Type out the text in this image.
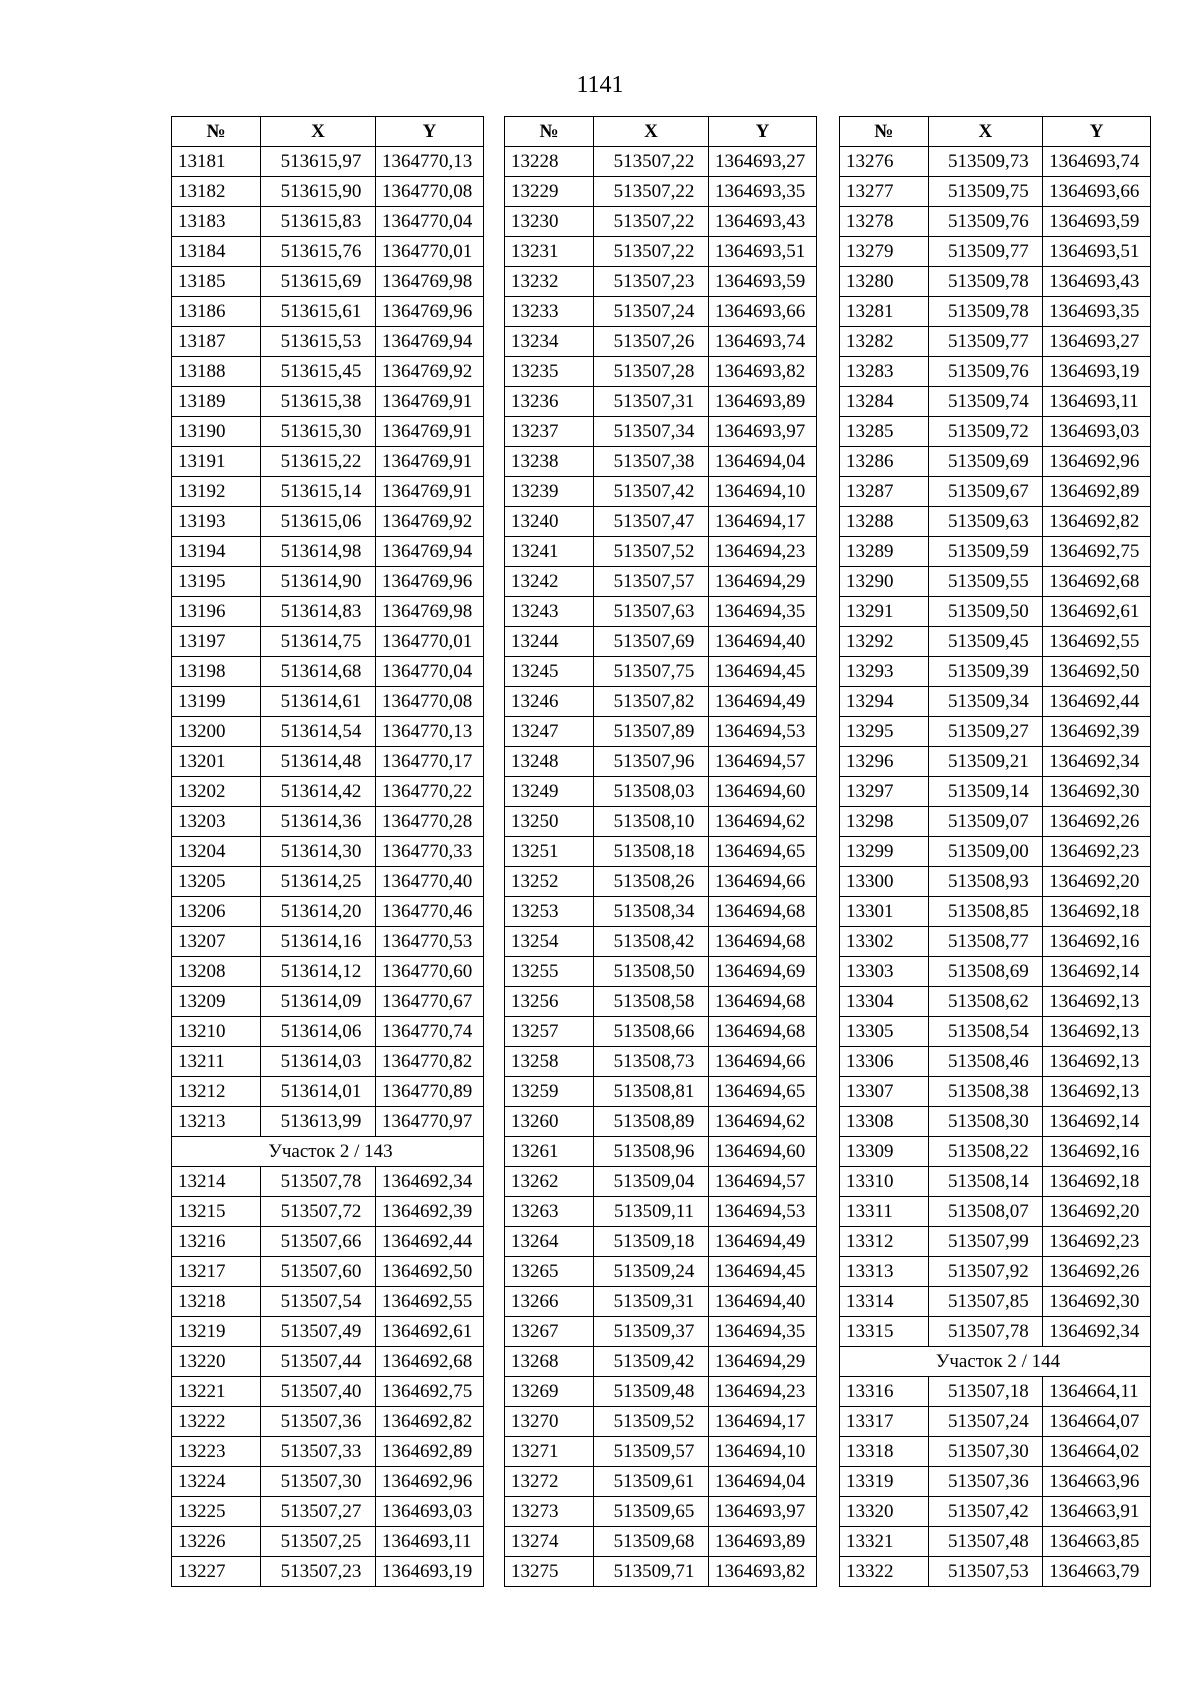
1141
№	X	Y
13181	513615,97	1364770,13
13182	513615,90	1364770,08
13183	513615,83	1364770,04
13184	513615,76	1364770,01
13185	513615,69	1364769,98
13186	513615,61	1364769,96
13187	513615,53	1364769,94
13188	513615,45	1364769,92
13189	513615,38	1364769,91
13190	513615,30	1364769,91
13191	513615,22	1364769,91
13192	513615,14	1364769,91
13193	513615,06	1364769,92
13194	513614,98	1364769,94
13195	513614,90	1364769,96
13196	513614,83	1364769,98
13197	513614,75	1364770,01
13198	513614,68	1364770,04
13199	513614,61	1364770,08
13200	513614,54	1364770,13
13201	513614,48	1364770,17
13202	513614,42	1364770,22
13203	513614,36	1364770,28
13204	513614,30	1364770,33
13205	513614,25	1364770,40
13206	513614,20	1364770,46
13207	513614,16	1364770,53
13208	513614,12	1364770,60
13209	513614,09	1364770,67
13210	513614,06	1364770,74
13211	513614,03	1364770,82
13212	513614,01	1364770,89
13213	513613,99	1364770,97
Участок 2 / 143		
13214	513507,78	1364692,34
13215	513507,72	1364692,39
13216	513507,66	1364692,44
13217	513507,60	1364692,50
13218	513507,54	1364692,55
13219	513507,49	1364692,61
13220	513507,44	1364692,68
13221	513507,40	1364692,75
13222	513507,36	1364692,82
13223	513507,33	1364692,89
13224	513507,30	1364692,96
13225	513507,27	1364693,03
13226	513507,25	1364693,11
13227	513507,23	1364693,19
№	X	Y
13228	513507,22	1364693,27
13229	513507,22	1364693,35
13230	513507,22	1364693,43
13231	513507,22	1364693,51
13232	513507,23	1364693,59
13233	513507,24	1364693,66
13234	513507,26	1364693,74
13235	513507,28	1364693,82
13236	513507,31	1364693,89
13237	513507,34	1364693,97
13238	513507,38	1364694,04
13239	513507,42	1364694,10
13240	513507,47	1364694,17
13241	513507,52	1364694,23
13242	513507,57	1364694,29
13243	513507,63	1364694,35
13244	513507,69	1364694,40
13245	513507,75	1364694,45
13246	513507,82	1364694,49
13247	513507,89	1364694,53
13248	513507,96	1364694,57
13249	513508,03	1364694,60
13250	513508,10	1364694,62
13251	513508,18	1364694,65
13252	513508,26	1364694,66
13253	513508,34	1364694,68
13254	513508,42	1364694,68
13255	513508,50	1364694,69
13256	513508,58	1364694,68
13257	513508,66	1364694,68
13258	513508,73	1364694,66
13259	513508,81	1364694,65
13260	513508,89	1364694,62
13261	513508,96	1364694,60
13262	513509,04	1364694,57
13263	513509,11	1364694,53
13264	513509,18	1364694,49
13265	513509,24	1364694,45
13266	513509,31	1364694,40
13267	513509,37	1364694,35
13268	513509,42	1364694,29
13269	513509,48	1364694,23
13270	513509,52	1364694,17
13271	513509,57	1364694,10
13272	513509,61	1364694,04
13273	513509,65	1364693,97
13274	513509,68	1364693,89
13275	513509,71	1364693,82
№	X	Y
13276	513509,73	1364693,74
13277	513509,75	1364693,66
13278	513509,76	1364693,59
13279	513509,77	1364693,51
13280	513509,78	1364693,43
13281	513509,78	1364693,35
13282	513509,77	1364693,27
13283	513509,76	1364693,19
13284	513509,74	1364693,11
13285	513509,72	1364693,03
13286	513509,69	1364692,96
13287	513509,67	1364692,89
13288	513509,63	1364692,82
13289	513509,59	1364692,75
13290	513509,55	1364692,68
13291	513509,50	1364692,61
13292	513509,45	1364692,55
13293	513509,39	1364692,50
13294	513509,34	1364692,44
13295	513509,27	1364692,39
13296	513509,21	1364692,34
13297	513509,14	1364692,30
13298	513509,07	1364692,26
13299	513509,00	1364692,23
13300	513508,93	1364692,20
13301	513508,85	1364692,18
13302	513508,77	1364692,16
13303	513508,69	1364692,14
13304	513508,62	1364692,13
13305	513508,54	1364692,13
13306	513508,46	1364692,13
13307	513508,38	1364692,13
13308	513508,30	1364692,14
13309	513508,22	1364692,16
13310	513508,14	1364692,18
13311	513508,07	1364692,20
13312	513507,99	1364692,23
13313	513507,92	1364692,26
13314	513507,85	1364692,30
13315	513507,78	1364692,34
Участок 2 / 144		
13316	513507,18	1364664,11
13317	513507,24	1364664,07
13318	513507,30	1364664,02
13319	513507,36	1364663,96
13320	513507,42	1364663,91
13321	513507,48	1364663,85
13322	513507,53	1364663,79
